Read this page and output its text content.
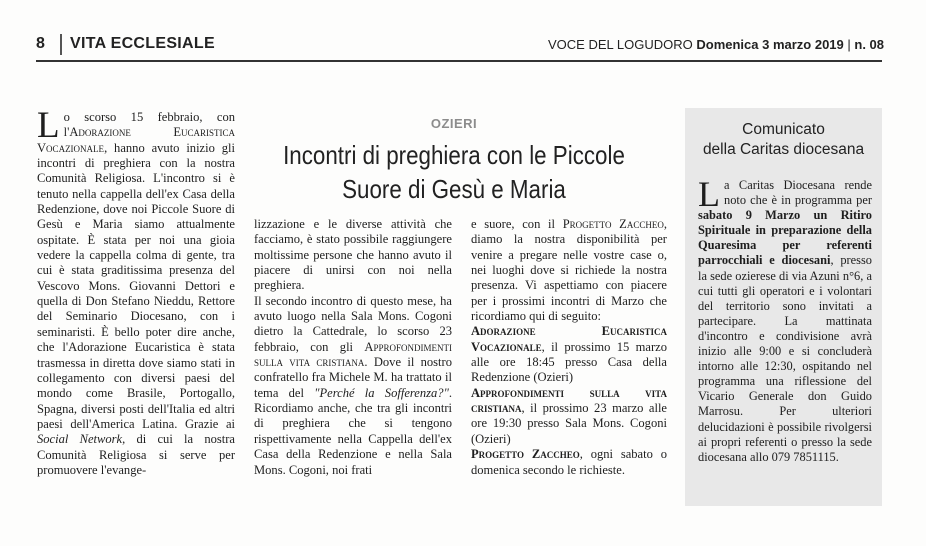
8 VITA ECCLESIALE	VOCE DEL LOGUDORO Domenica 3 marzo 2019 | n. 08

Lo scorso 15 febbraio, con l'Adorazione Eucaristica Vocazionale, hanno avuto inizio gli incontri di preghiera con la nostra Comunità Religiosa. L'incontro si è tenuto nella cappella dell'ex Casa della Redenzione, dove noi Piccole Suore di Gesù e Maria siamo attualmente ospitate. È stata per noi una gioia vedere la cappella colma di gente, tra cui è stata graditissima presenza del Vescovo Mons. Giovanni Dettori e quella di Don Stefano Nieddu, Rettore del Seminario Diocesano, con i seminaristi. È bello poter dire anche, che l'Adorazione Eucaristica è stata trasmessa in diretta dove siamo stati in collegamento con diversi paesi del mondo come Brasile, Portogallo, Spagna, diversi posti dell'Italia ed altri paesi dell'America Latina. Grazie ai Social Network, di cui la nostra Comunità Religiosa si serve per promuovere l'evange-

OZIERI
Incontri di preghiera con le Piccole Suore di Gesù e Maria

lizzazione e le diverse attività che facciamo, è stato possibile raggiungere moltissime persone che hanno avuto il piacere di unirsi con noi nella preghiera.

Il secondo incontro di questo mese, ha avuto luogo nella Sala Mons. Cogoni dietro la Cattedrale, lo scorso 23 febbraio, con gli Approfondimenti sulla vita cristiana. Dove il nostro confratello fra Michele M. ha trattato il tema del "Perché la Sofferenza?". Ricordiamo anche, che tra gli incontri di preghiera che si tengono rispettivamente nella Cappella dell'ex Casa della Redenzione e nella Sala Mons. Cogoni, noi frati

e suore, con il Progetto Zaccheo, diamo la nostra disponibilità per venire a pregare nelle vostre case o, nei luoghi dove si richiede la nostra presenza. Vi aspettiamo con piacere per i prossimi incontri di Marzo che ricordiamo qui di seguito:

Adorazione Eucaristica Vocazionale, il prossimo 15 marzo alle ore 18:45 presso Casa della Redenzione (Ozieri)

Approfondimenti sulla vita cristiana, il prossimo 23 marzo alle ore 19:30 presso Sala Mons. Cogoni (Ozieri)

Progetto Zaccheo, ogni sabato o domenica secondo le richieste.

Comunicato
della Caritas diocesana
La Caritas Diocesana rende noto che è in programma per sabato 9 Marzo un Ritiro Spirituale in preparazione della Quaresima per referenti parrocchiali e diocesani, presso la sede ozierese di via Azuni n°6, a cui tutti gli operatori e i volontari del territorio sono invitati a partecipare. La mattinata d'incontro e condivisione avrà inizio alle 9:00 e si concluderà intorno alle 12:30, ospitando nel programma una riflessione del Vicario Generale don Guido Marrosu. Per ulteriori delucidazioni è possibile rivolgersi ai propri referenti o presso la sede diocesana allo 079 7851115.
